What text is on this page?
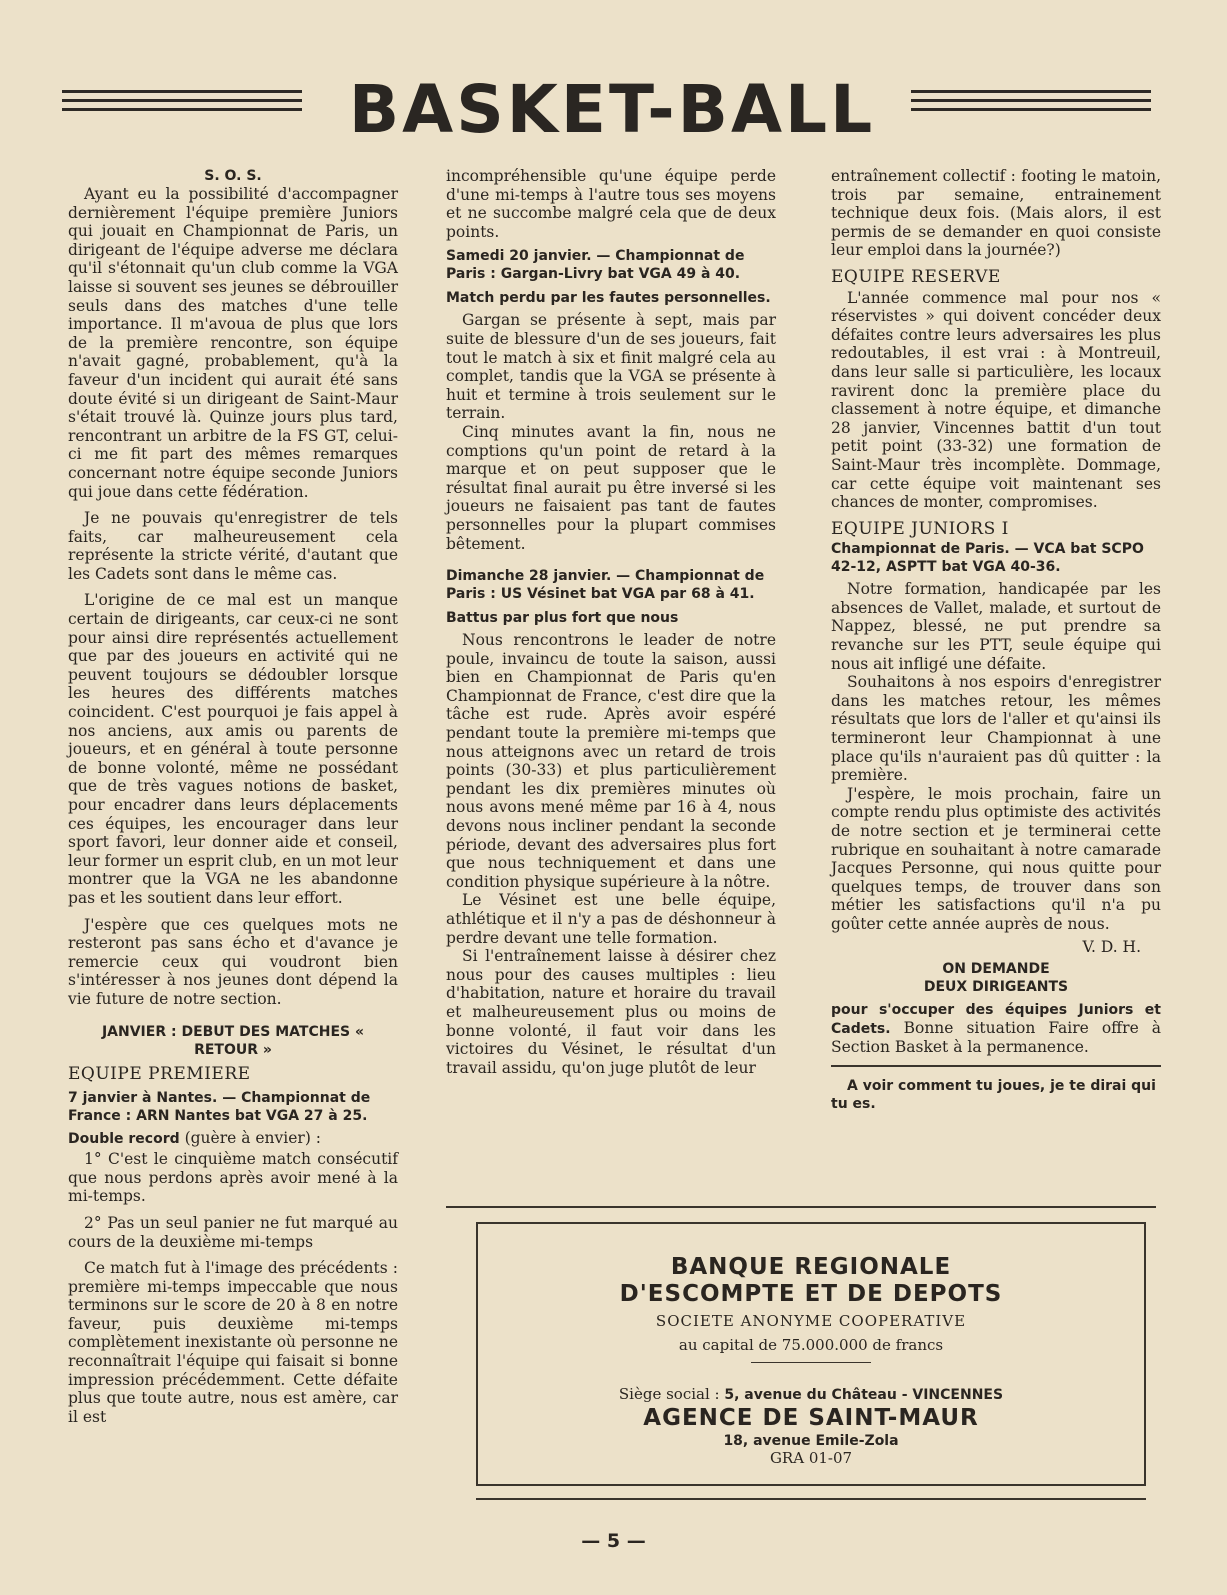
BASKET-BALL
S. O. S.

Ayant eu la possibilité d'accompagner dernièrement l'équipe première Juniors qui jouait en Championnat de Paris, un dirigeant de l'équipe adverse me déclara qu'il s'étonnait qu'un club comme la VGA laisse si souvent ses jeunes se débrouiller seuls dans des matches d'une telle importance. Il m'avoua de plus que lors de la première rencontre, son équipe n'avait gagné, probablement, qu'à la faveur d'un incident qui aurait été sans doute évité si un dirigeant de Saint-Maur s'était trouvé là. Quinze jours plus tard, rencontrant un arbitre de la FS GT, celui-ci me fit part des mêmes remarques concernant notre équipe seconde Juniors qui joue dans cette fédération.

Je ne pouvais qu'enregistrer de tels faits, car malheureusement cela représente la stricte vérité, d'autant que les Cadets sont dans le même cas.

L'origine de ce mal est un manque certain de dirigeants, car ceux-ci ne sont pour ainsi dire représentés actuellement que par des joueurs en activité qui ne peuvent toujours se dédoubler lorsque les heures des différents matches coincident. C'est pourquoi je fais appel à nos anciens, aux amis ou parents de joueurs, et en général à toute personne de bonne volonté, même ne possédant que de très vagues notions de basket, pour encadrer dans leurs déplacements ces équipes, les encourager dans leur sport favori, leur donner aide et conseil, leur former un esprit club, en un mot leur montrer que la VGA ne les abandonne pas et les soutient dans leur effort.

J'espère que ces quelques mots ne resteront pas sans écho et d'avance je remercie ceux qui voudront bien s'intéresser à nos jeunes dont dépend la vie future de notre section.

JANVIER : DEBUT DES MATCHES « RETOUR »
EQUIPE PREMIERE
7 janvier à Nantes. — Championnat de France : ARN Nantes bat VGA 27 à 25.

Double record (guère à envier) :

1° C'est le cinquième match consécutif que nous perdons après avoir mené à la mi-temps.

2° Pas un seul panier ne fut marqué au cours de la deuxième mi-temps

Ce match fut à l'image des précédents : première mi-temps impeccable que nous terminons sur le score de 20 à 8 en notre faveur, puis deuxième mi-temps complètement inexistante où personne ne reconnaîtrait l'équipe qui faisait si bonne impression précédemment. Cette défaite plus que toute autre, nous est amère, car il est

incompréhensible qu'une équipe perde d'une mi-temps à l'autre tous ses moyens et ne succombe malgré cela que de deux points.

Samedi 20 janvier. — Championnat de Paris : Gargan-Livry bat VGA 49 à 40.
Match perdu par les fautes personnelles.

Gargan se présente à sept, mais par suite de blessure d'un de ses joueurs, fait tout le match à six et finit malgré cela au complet, tandis que la VGA se présente à huit et termine à trois seulement sur le terrain.

Cinq minutes avant la fin, nous ne comptions qu'un point de retard à la marque et on peut supposer que le résultat final aurait pu être inversé si les joueurs ne faisaient pas tant de fautes personnelles pour la plupart commises bêtement.

Dimanche 28 janvier. — Championnat de Paris : US Vésinet bat VGA par 68 à 41.
Battus par plus fort que nous

Nous rencontrons le leader de notre poule, invaincu de toute la saison, aussi bien en Championnat de Paris qu'en Championnat de France, c'est dire que la tâche est rude. Après avoir espéré pendant toute la première mi-temps que nous atteignons avec un retard de trois points (30-33) et plus particulièrement pendant les dix premières minutes où nous avons mené même par 16 à 4, nous devons nous incliner pendant la seconde période, devant des adversaires plus fort que nous techniquement et dans une condition physique supérieure à la nôtre.

Le Vésinet est une belle équipe, athlétique et il n'y a pas de déshonneur à perdre devant une telle formation.

Si l'entraînement laisse à désirer chez nous pour des causes multiples : lieu d'habitation, nature et horaire du travail et malheureusement plus ou moins de bonne volonté, il faut voir dans les victoires du Vésinet, le résultat d'un travail assidu, qu'on juge plutôt de leur

entraînement collectif : footing le matoin, trois par semaine, entrainement technique deux fois. (Mais alors, il est permis de se demander en quoi consiste leur emploi dans la journée?)

EQUIPE RESERVE

L'année commence mal pour nos « réservistes » qui doivent concéder deux défaites contre leurs adversaires les plus redoutables, il est vrai : à Montreuil, dans leur salle si particulière, les locaux ravirent donc la première place du classement à notre équipe, et dimanche 28 janvier, Vincennes battit d'un tout petit point (33-32) une formation de Saint-Maur très incomplète. Dommage, car cette équipe voit maintenant ses chances de monter, compromises.

EQUIPE JUNIORS I
Championnat de Paris. — VCA bat SCPO 42-12, ASPTT bat VGA 40-36.

Notre formation, handicapée par les absences de Vallet, malade, et surtout de Nappez, blessé, ne put prendre sa revanche sur les PTT, seule équipe qui nous ait infligé une défaite.

Souhaitons à nos espoirs d'enregistrer dans les matches retour, les mêmes résultats que lors de l'aller et qu'ainsi ils termineront leur Championnat à une place qu'ils n'auraient pas dû quitter : la première.

J'espère, le mois prochain, faire un compte rendu plus optimiste des activités de notre section et je terminerai cette rubrique en souhaitant à notre camarade Jacques Personne, qui nous quitte pour quelques temps, de trouver dans son métier les satisfactions qu'il n'a pu goûter cette année auprès de nous.

V. D. H.

ON DEMANDE
DEUX DIRIGEANTS

pour s'occuper des équipes Juniors et Cadets. Bonne situation Faire offre à Section Basket à la permanence.

A voir comment tu joues, je te dirai qui tu es.
BANQUE REGIONALE
D'ESCOMPTE ET DE DEPOTS
SOCIETE ANONYME COOPERATIVE
au capital de 75.000.000 de francs
Siège social : 5, avenue du Château - VINCENNES
AGENCE DE SAINT-MAUR
18, avenue Emile-Zola
GRA 01-07
— 5 —
